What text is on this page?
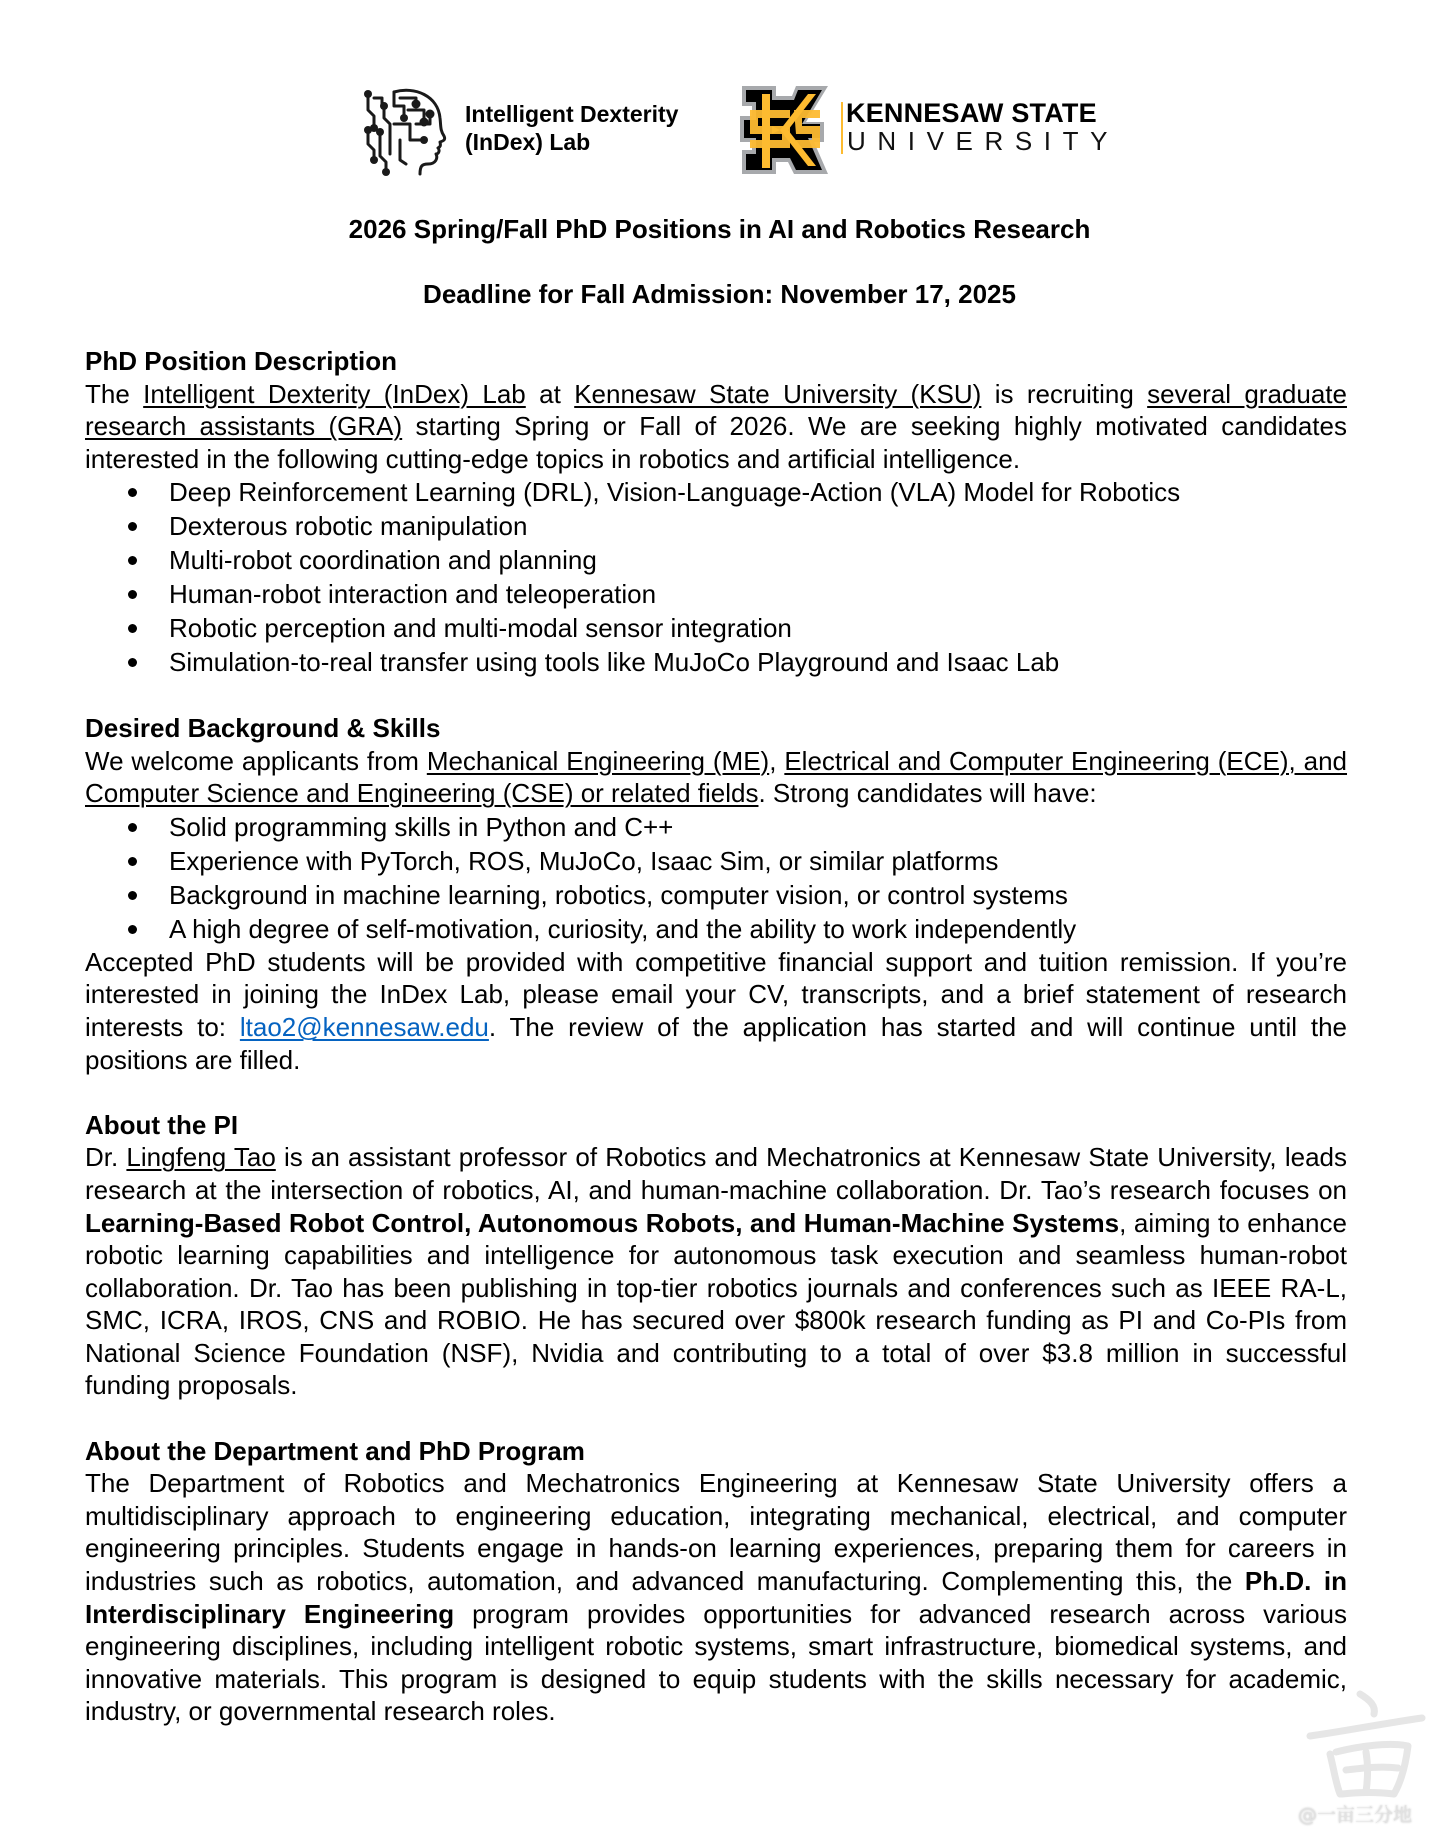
Intelligent Dexterity
(InDex) Lab
KENNESAW STATE
UNIVERSITY
2026 Spring/Fall PhD Positions in AI and Robotics Research
Deadline for Fall Admission: November 17, 2025
PhD Position Description

The Intelligent Dexterity (InDex) Lab at Kennesaw State University (KSU) is recruiting several graduate research assistants (GRA) starting Spring or Fall of 2026. We are seeking highly motivated candidates interested in the following cutting-edge topics in robotics and artificial intelligence.

Deep Reinforcement Learning (DRL), Vision-Language-Action (VLA) Model for Robotics
Dexterous robotic manipulation
Multi-robot coordination and planning
Human-robot interaction and teleoperation
Robotic perception and multi-modal sensor integration
Simulation-to-real transfer using tools like MuJoCo Playground and Isaac Lab
Desired Background & Skills

We welcome applicants from Mechanical Engineering (ME), Electrical and Computer Engineering (ECE), and Computer Science and Engineering (CSE) or related fields. Strong candidates will have:

Solid programming skills in Python and C++
Experience with PyTorch, ROS, MuJoCo, Isaac Sim, or similar platforms
Background in machine learning, robotics, computer vision, or control systems
A high degree of self-motivation, curiosity, and the ability to work independently

Accepted PhD students will be provided with competitive financial support and tuition remission. If you’re interested in joining the InDex Lab, please email your CV, transcripts, and a brief statement of research interests to: ltao2@kennesaw.edu. The review of the application has started and will continue until the positions are filled.

About the PI

Dr. Lingfeng Tao is an assistant professor of Robotics and Mechatronics at Kennesaw State University, leads research at the intersection of robotics, AI, and human-machine collaboration. Dr. Tao’s research focuses on Learning-Based Robot Control, Autonomous Robots, and Human-Machine Systems, aiming to enhance robotic learning capabilities and intelligence for autonomous task execution and seamless human-robot collaboration. Dr. Tao has been publishing in top-tier robotics journals and conferences such as IEEE RA-L, SMC, ICRA, IROS, CNS and ROBIO. He has secured over $800k research funding as PI and Co-PIs from National Science Foundation (NSF), Nvidia and contributing to a total of over $3.8 million in successful funding proposals.

About the Department and PhD Program

The Department of Robotics and Mechatronics Engineering at Kennesaw State University offers a multidisciplinary approach to engineering education, integrating mechanical, electrical, and computer engineering principles. Students engage in hands-on learning experiences, preparing them for careers in industries such as robotics, automation, and advanced manufacturing. Complementing this, the Ph.D. in Interdisciplinary Engineering program provides opportunities for advanced research across various engineering disciplines, including intelligent robotic systems, smart infrastructure, biomedical systems, and innovative materials. This program is designed to equip students with the skills necessary for academic, industry, or governmental research roles.

@一亩三分地
